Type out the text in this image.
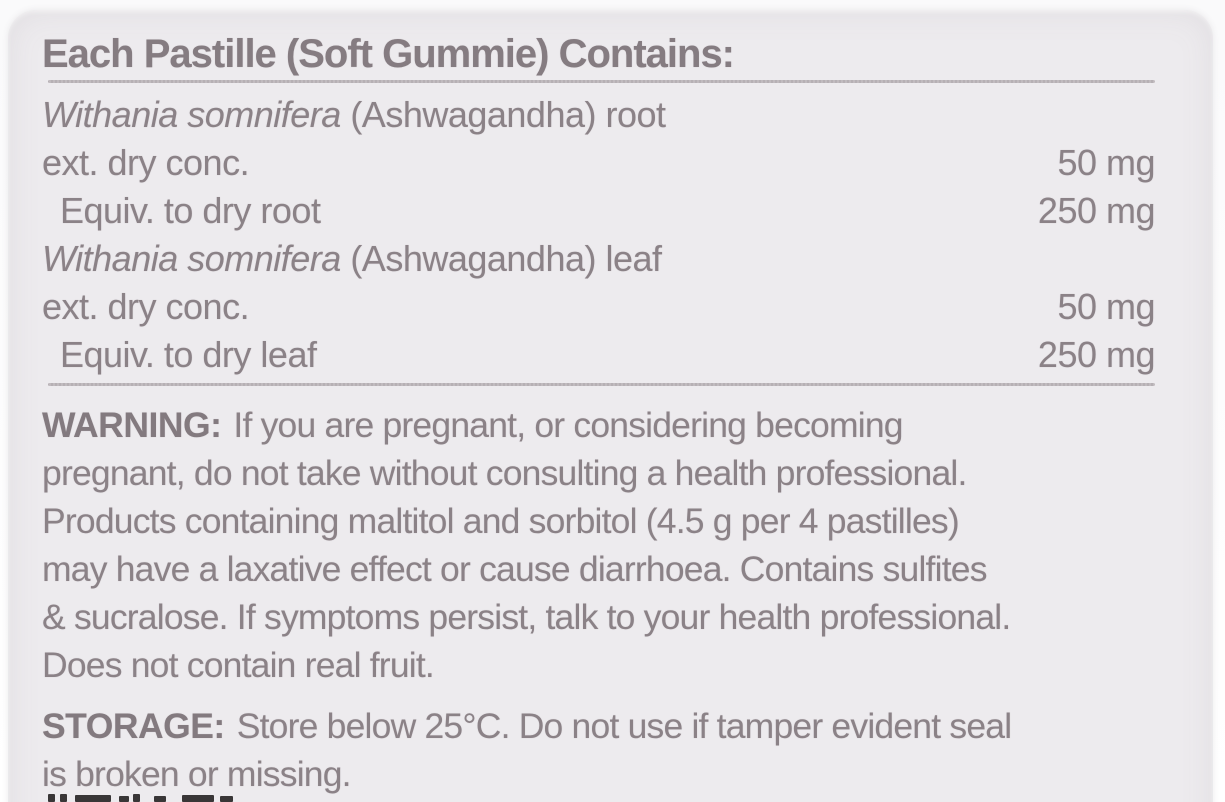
Each Pastille (Soft Gummie) Contains:
Withania somnifera (Ashwagandha) root
ext. dry conc.	50 mg
Equiv. to dry root	250 mg
Withania somnifera (Ashwagandha) leaf
ext. dry conc.	50 mg
Equiv. to dry leaf	250 mg
WARNING: If you are pregnant, or considering becoming
pregnant, do not take without consulting a health professional.
Products containing maltitol and sorbitol (4.5 g per 4 pastilles)
may have a laxative effect or cause diarrhoea. Contains sulfites
& sucralose. If symptoms persist, talk to your health professional.
Does not contain real fruit.
STORAGE: Store below 25°C. Do not use if tamper evident seal
is broken or missing.
